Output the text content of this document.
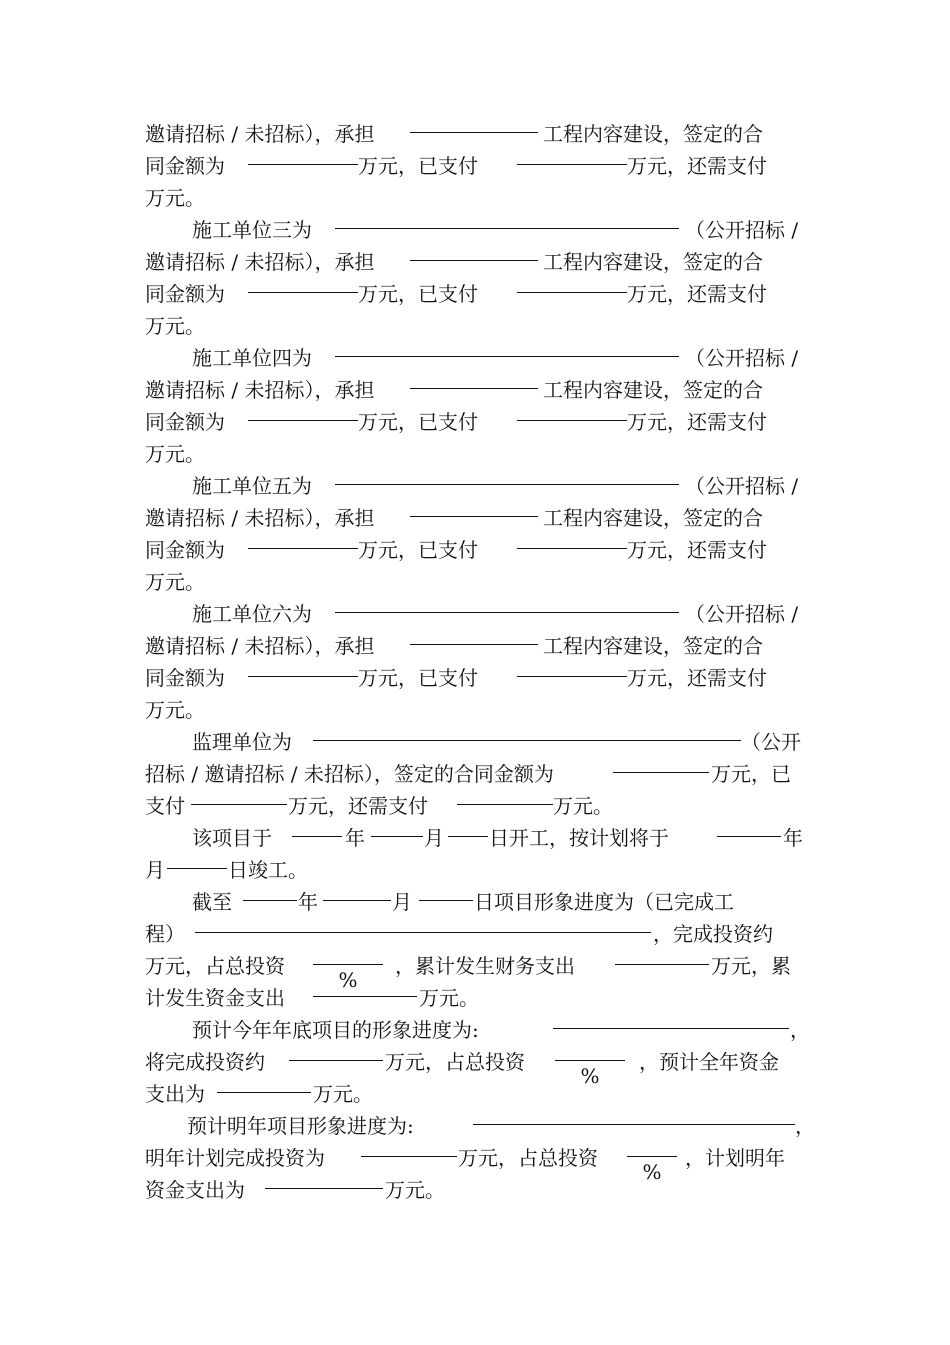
邀请招标 / 未招标），承担	工程内容建设，签定的合
同金额为	万元，已支付	万元，还需支付
万元。
施工单位三为	（公开招标 /
邀请招标 / 未招标），承担	工程内容建设，签定的合
同金额为	万元，已支付	万元，还需支付
万元。
施工单位四为	（公开招标 /
邀请招标 / 未招标），承担	工程内容建设，签定的合
同金额为	万元，已支付	万元，还需支付
万元。
施工单位五为	（公开招标 /
邀请招标 / 未招标），承担	工程内容建设，签定的合
同金额为	万元，已支付	万元，还需支付
万元。
施工单位六为	（公开招标 /
邀请招标 / 未招标），承担	工程内容建设，签定的合
同金额为	万元，已支付	万元，还需支付
万元。
监理单位为	（公开
招标 / 邀请招标 / 未招标），签定的合同金额为	万元，已
支付	万元，还需支付	万元。
该项目于	年	月 日开工，按计划将于	年
月	日竣工。
截至	年	月	日项目形象进度为（已完成工
程）	，完成投资约
万元，占总投资
%
，累计发生财务支出	万元，累
计发生资金支出	万元。
预计今年年底项目的形象进度为:	，
将完成投资约	万元，占总投资
%
，预计全年资金
支出为	万元。
预计明年项目形象进度为:	，
明年计划完成投资为	万元，占总投资
%
，计划明年
资金支出为	万元。
